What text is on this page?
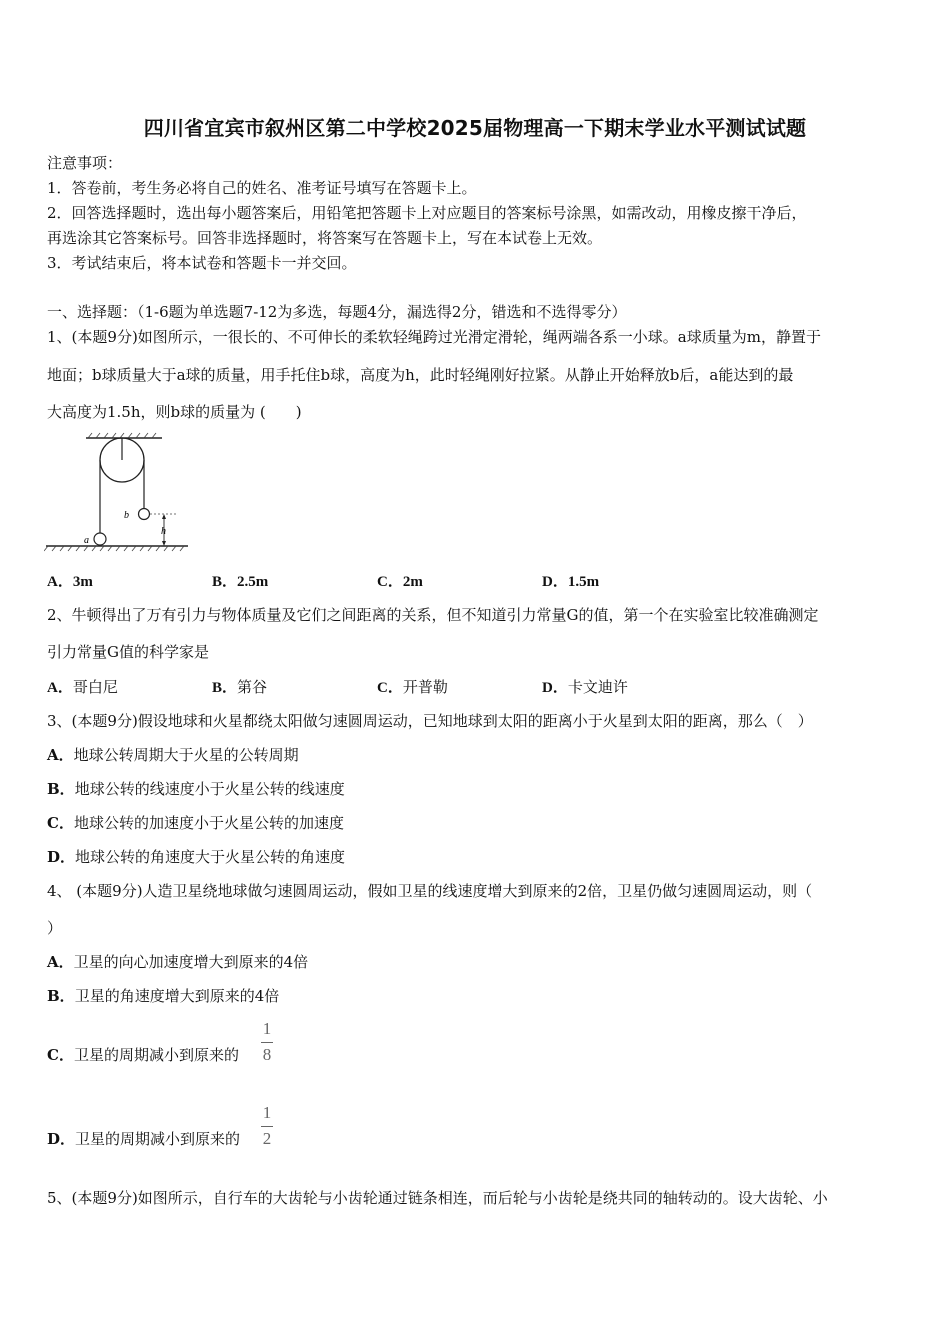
四川省宜宾市叙州区第二中学校2025届物理高一下期末学业水平测试试题
注意事项：
1．答卷前，考生务必将自己的姓名、准考证号填写在答题卡上。
2．回答选择题时，选出每小题答案后，用铅笔把答题卡上对应题目的答案标号涂黑，如需改动，用橡皮擦干净后，
再选涂其它答案标号。回答非选择题时，将答案写在答题卡上，写在本试卷上无效。
3．考试结束后，将本试卷和答题卡一并交回。
一、选择题：（1-6题为单选题7-12为多选，每题4分，漏选得2分，错选和不选得零分）
1、(本题9分)如图所示，一很长的、不可伸长的柔软轻绳跨过光滑定滑轮，绳两端各系一小球。a球质量为m，静置于
地面；b球质量大于a球的质量，用手托住b球，高度为h，此时轻绳刚好拉紧。从静止开始释放b后，a能达到的最
大高度为1.5h，则b球的质量为 (　　)
b
h
a
A．3m	B．2.5m	C．2m	D．1.5m
2、牛顿得出了万有引力与物体质量及它们之间距离的关系，但不知道引力常量G的值，第一个在实验室比较准确测定
引力常量G值的科学家是
A．哥白尼	B．第谷	C．开普勒	D．卡文迪许
3、(本题9分)假设地球和火星都绕太阳做匀速圆周运动，已知地球到太阳的距离小于火星到太阳的距离，那么（　）
A．地球公转周期大于火星的公转周期
B．地球公转的线速度小于火星公转的线速度
C．地球公转的加速度小于火星公转的加速度
D．地球公转的角速度大于火星公转的角速度
4、 (本题9分)人造卫星绕地球做匀速圆周运动，假如卫星的线速度增大到原来的2倍，卫星仍做匀速圆周运动，则（
）
A．卫星的向心加速度增大到原来的4倍
B．卫星的角速度增大到原来的4倍
C．卫星的周期减小到原来的
1
8
D．卫星的周期减小到原来的
1
2
5、(本题9分)如图所示，自行车的大齿轮与小齿轮通过链条相连，而后轮与小齿轮是绕共同的轴转动的。设大齿轮、小
